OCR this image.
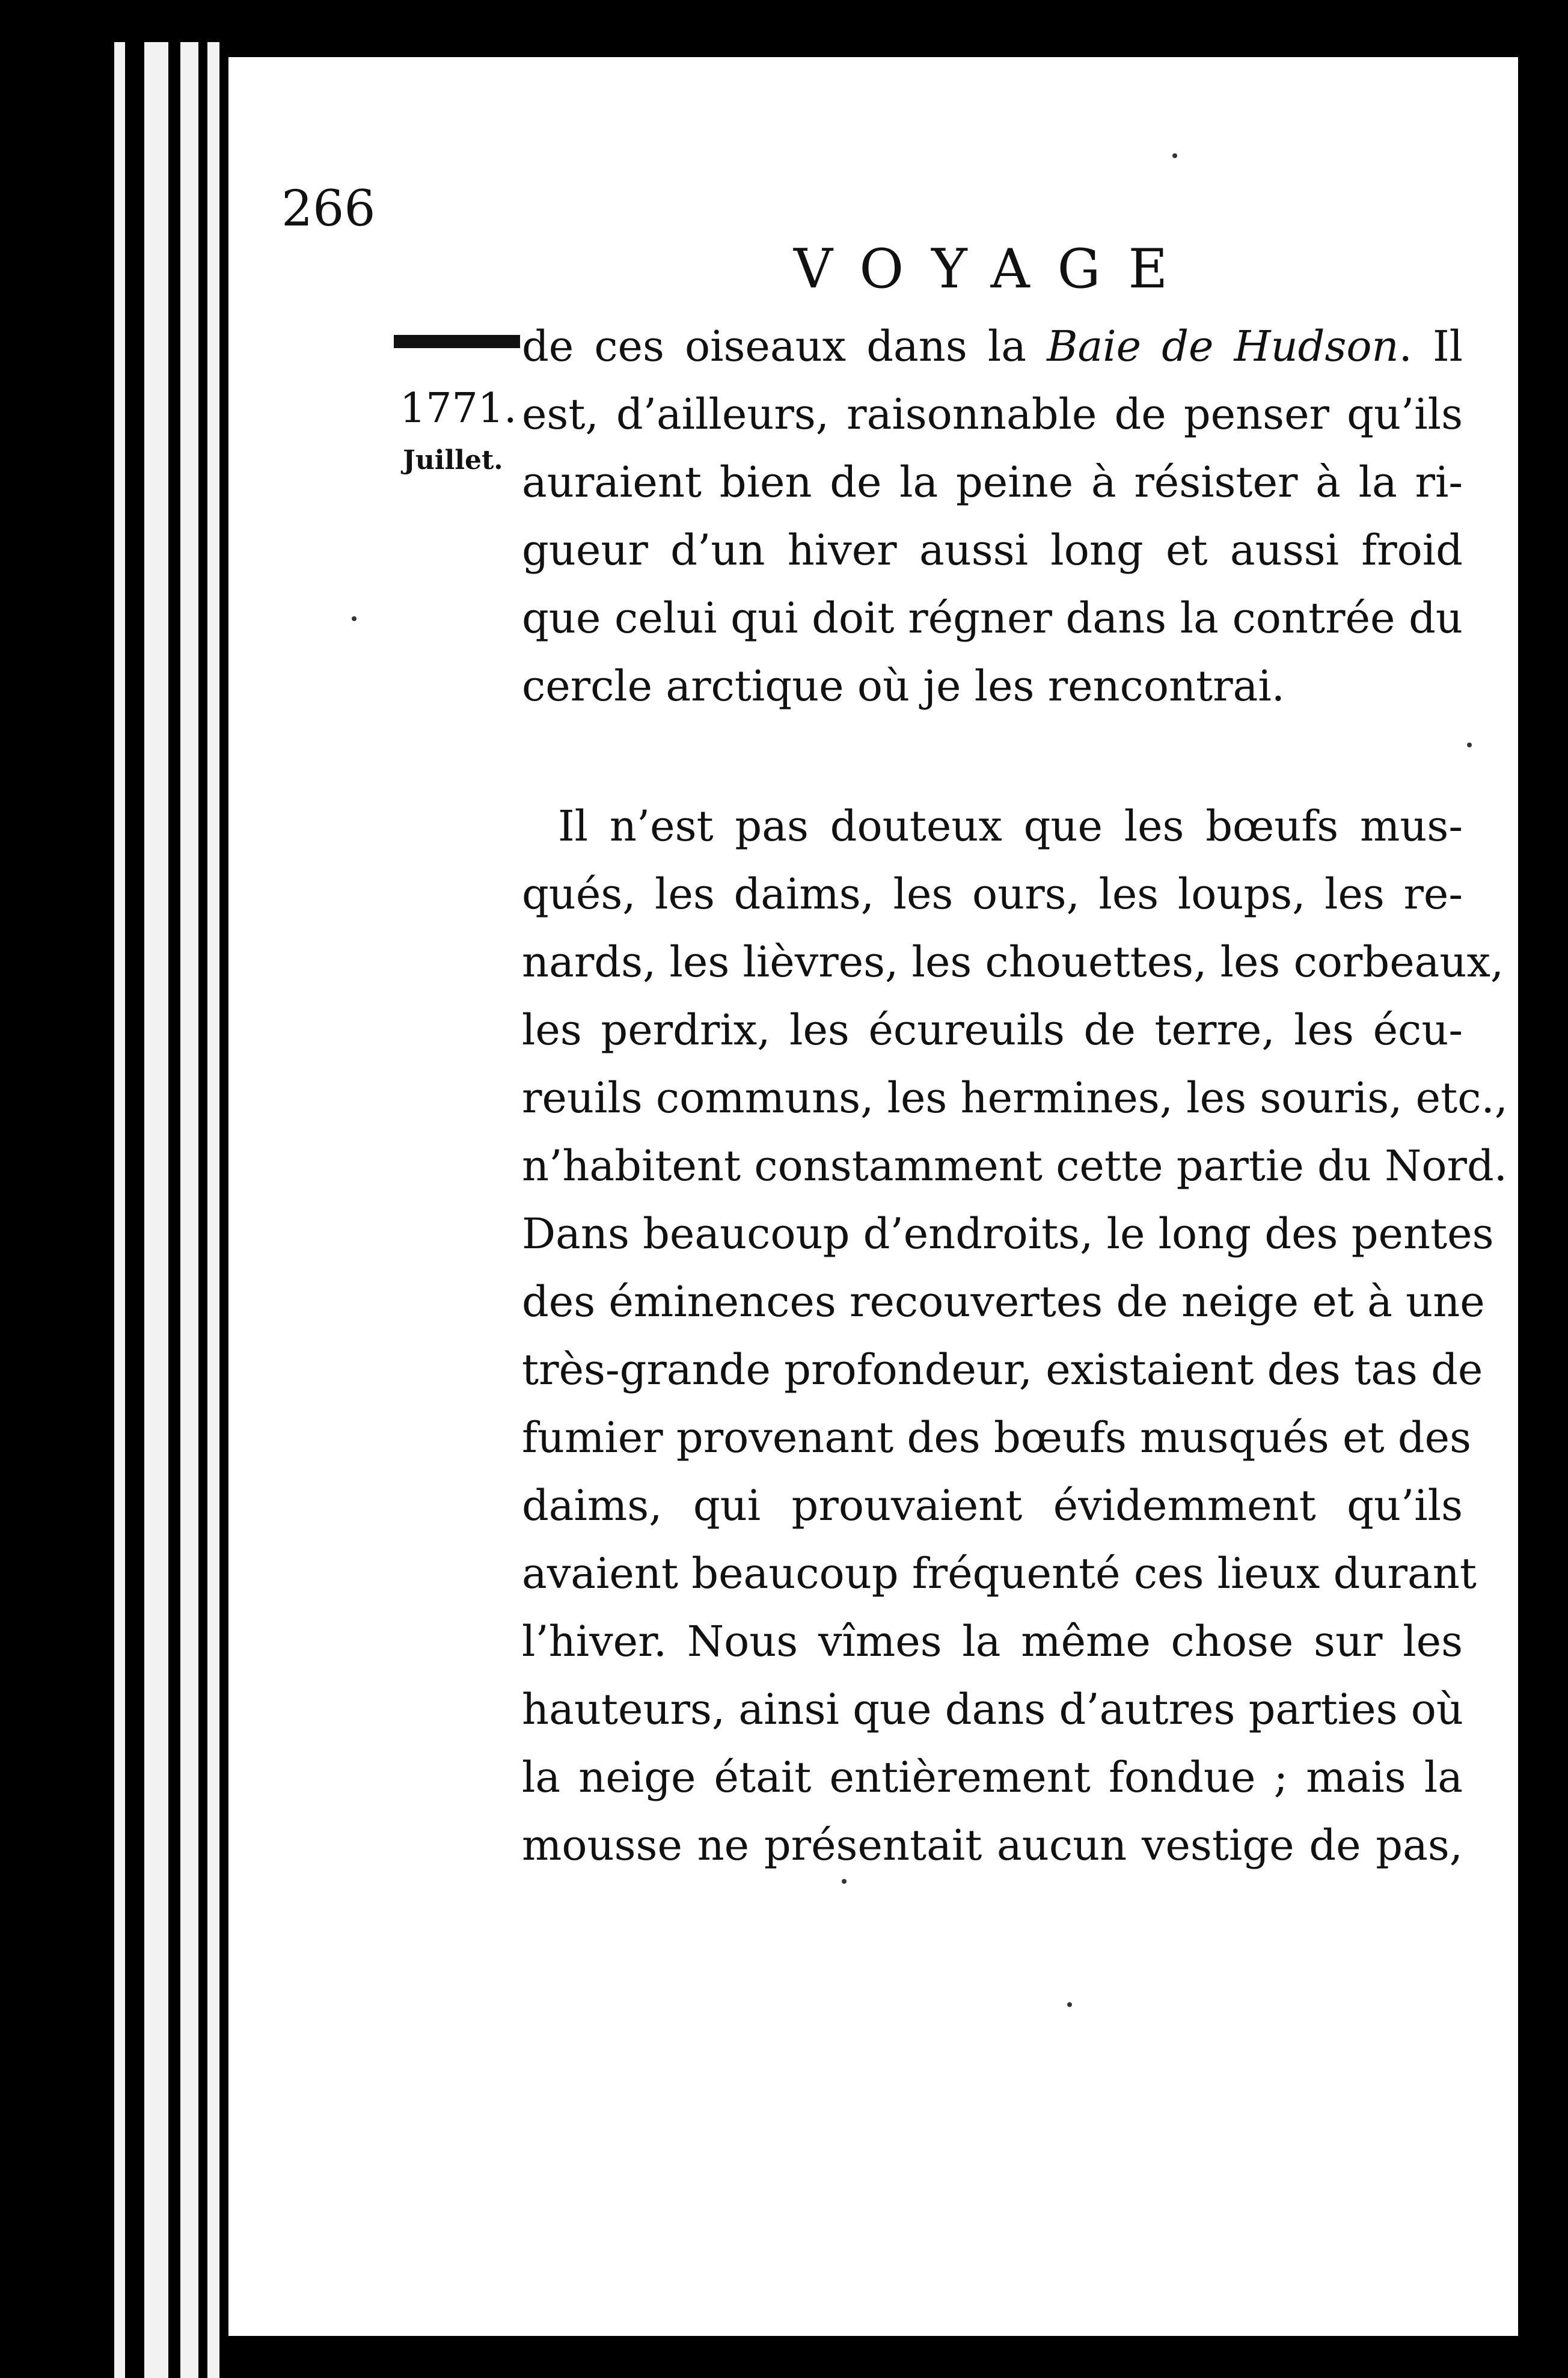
266
VOYAGE
1771.
Juillet.
de ces oiseaux dans la Baie de Hudson. Il
est, d’ailleurs, raisonnable de penser qu’ils
auraient bien de la peine à résister à la ri-
gueur d’un hiver aussi long et aussi froid
que celui qui doit régner dans la contrée du
cercle arctique où je les rencontrai.
Il n’est pas douteux que les bœufs mus-
qués, les daims, les ours, les loups, les re-
nards, les lièvres, les chouettes, les corbeaux,
les perdrix, les écureuils de terre, les écu-
reuils communs, les hermines, les souris, etc.,
n’habitent constamment cette partie du Nord.
Dans beaucoup d’endroits, le long des pentes
des éminences recouvertes de neige et à une
très-grande profondeur, existaient des tas de
fumier provenant des bœufs musqués et des
daims, qui prouvaient évidemment qu’ils
avaient beaucoup fréquenté ces lieux durant
l’hiver. Nous vîmes la même chose sur les
hauteurs, ainsi que dans d’autres parties où
la neige était entièrement fondue ; mais la
mousse ne présentait aucun vestige de pas,
